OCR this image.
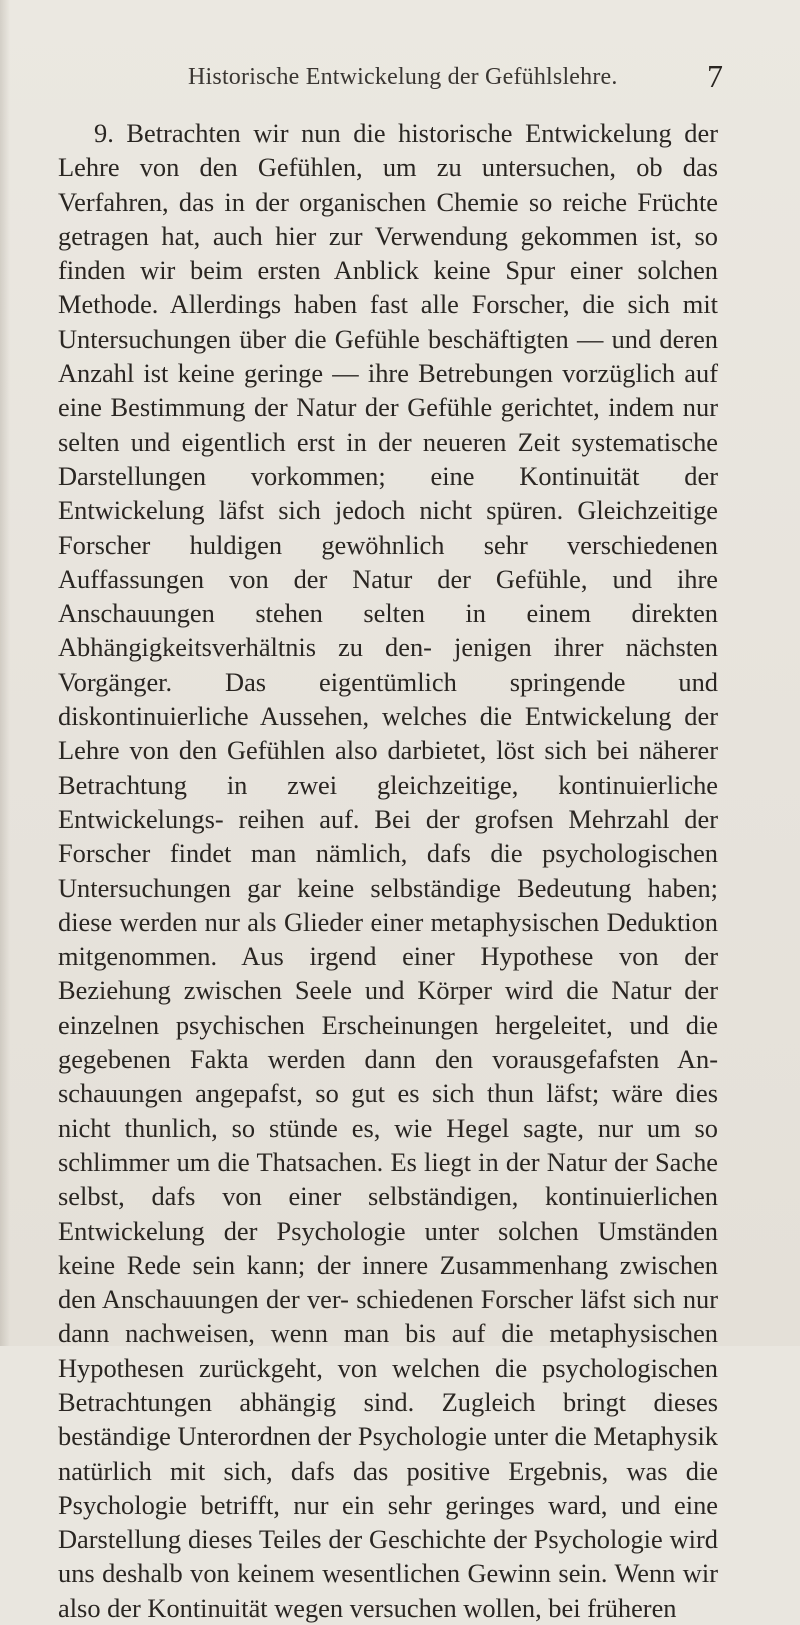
Historische Entwickelung der Gefühlslehre.	7

9. Betrachten wir nun die historische Entwickelung der Lehre von den Gefühlen, um zu untersuchen, ob das Verfahren, das in der organischen Chemie so reiche Früchte getragen hat, auch hier zur Verwendung gekommen ist, so finden wir beim ersten Anblick keine Spur einer solchen Methode. Allerdings haben fast alle Forscher, die sich mit Untersuchungen über die Gefühle beschäftigten — und deren Anzahl ist keine geringe — ihre Betrebungen vorzüglich auf eine Bestimmung der Natur der Gefühle gerichtet, indem nur selten und eigentlich erst in der neueren Zeit systematische Darstellungen vorkommen; eine Kontinuität der Entwickelung läfst sich jedoch nicht spüren. Gleichzeitige Forscher huldigen gewöhnlich sehr verschiedenen Auffassungen von der Natur der Gefühle, und ihre Anschauungen stehen selten in einem direkten Abhängigkeitsverhältnis zu den- jenigen ihrer nächsten Vorgänger. Das eigentümlich springende und diskontinuierliche Aussehen, welches die Entwickelung der Lehre von den Gefühlen also darbietet, löst sich bei näherer Betrachtung in zwei gleichzeitige, kontinuierliche Entwickelungs- reihen auf. Bei der grofsen Mehrzahl der Forscher findet man nämlich, dafs die psychologischen Untersuchungen gar keine selbständige Bedeutung haben; diese werden nur als Glieder einer metaphysischen Deduktion mitgenommen. Aus irgend einer Hypothese von der Beziehung zwischen Seele und Körper wird die Natur der einzelnen psychischen Erscheinungen hergeleitet, und die gegebenen Fakta werden dann den vorausgefafsten An- schauungen angepafst, so gut es sich thun läfst; wäre dies nicht thunlich, so stünde es, wie Hegel sagte, nur um so schlimmer um die Thatsachen. Es liegt in der Natur der Sache selbst, dafs von einer selbständigen, kontinuierlichen Entwickelung der Psychologie unter solchen Umständen keine Rede sein kann; der innere Zusammenhang zwischen den Anschauungen der ver- schiedenen Forscher läfst sich nur dann nachweisen, wenn man bis auf die metaphysischen Hypothesen zurückgeht, von welchen die psychologischen Betrachtungen abhängig sind. Zugleich bringt dieses beständige Unterordnen der Psychologie unter die Metaphysik natürlich mit sich, dafs das positive Ergebnis, was die Psychologie betrifft, nur ein sehr geringes ward, und eine Darstellung dieses Teiles der Geschichte der Psychologie wird uns deshalb von keinem wesentlichen Gewinn sein. Wenn wir also der Kontinuität wegen versuchen wollen, bei früheren
